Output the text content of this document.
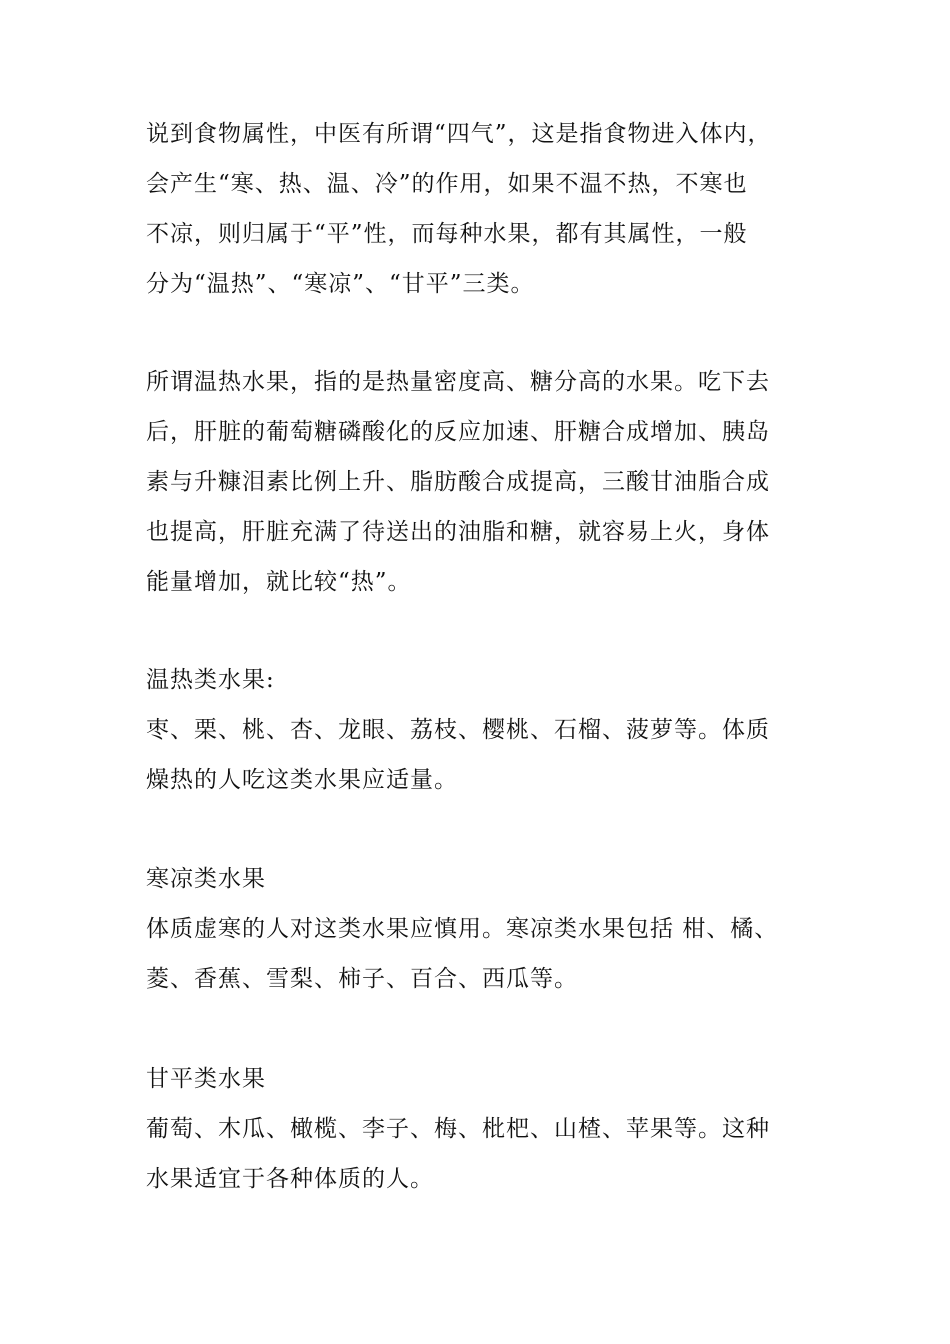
说到食物属性，中医有所谓“四气”，这是指食物进入体内，
会产生“寒、热、温、冷”的作用，如果不温不热，不寒也
不凉，则归属于“平”性，而每种水果，都有其属性，一般
分为“温热”、“寒凉”、“甘平”三类。
所谓温热水果，指的是热量密度高、糖分高的水果。吃下去
后，肝脏的葡萄糖磷酸化的反应加速、肝糖合成增加、胰岛
素与升糠泪素比例上升、脂肪酸合成提高，三酸甘油脂合成
也提高，肝脏充满了待送出的油脂和糖，就容易上火，身体
能量增加，就比较“热”。
温热类水果:
枣、栗、桃、杏、龙眼、荔枝、樱桃、石榴、菠萝等。体质
燥热的人吃这类水果应适量。
寒凉类水果
体质虚寒的人对这类水果应慎用。寒凉类水果包括 柑、橘、
菱、香蕉、雪梨、柿子、百合、西瓜等。
甘平类水果
葡萄、木瓜、橄榄、李子、梅、枇杷、山楂、苹果等。这种
水果适宜于各种体质的人。
